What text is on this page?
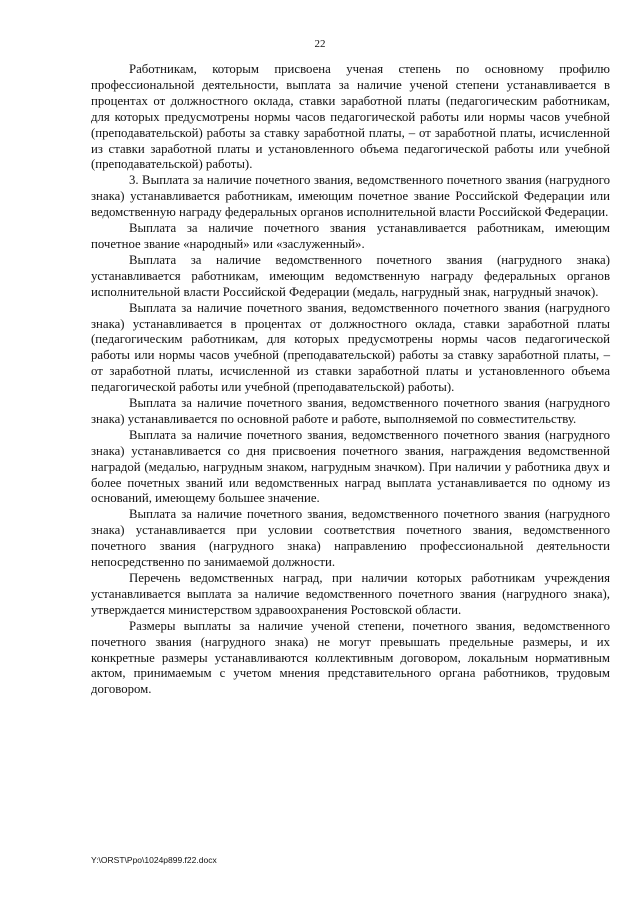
22

Работникам, которым присвоена ученая степень по основному профилю профессиональной деятельности, выплата за наличие ученой степени устанавливается в процентах от должностного оклада, ставки заработной платы (педагогическим работникам, для которых предусмотрены нормы часов педагогической работы или нормы часов учебной (преподавательской) работы за ставку заработной платы, – от заработной платы, исчисленной из ставки заработной платы и установленного объема педагогической работы или учебной (преподавательской) работы).

3. Выплата за наличие почетного звания, ведомственного почетного звания (нагрудного знака) устанавливается работникам, имеющим почетное звание Российской Федерации или ведомственную награду федеральных органов исполнительной власти Российской Федерации.

Выплата за наличие почетного звания устанавливается работникам, имеющим почетное звание «народный» или «заслуженный».

Выплата за наличие ведомственного почетного звания (нагрудного знака) устанавливается работникам, имеющим ведомственную награду федеральных органов исполнительной власти Российской Федерации (медаль, нагрудный знак, нагрудный значок).

Выплата за наличие почетного звания, ведомственного почетного звания (нагрудного знака) устанавливается в процентах от должностного оклада, ставки заработной платы (педагогическим работникам, для которых предусмотрены нормы часов педагогической работы или нормы часов учебной (преподавательской) работы за ставку заработной платы, – от заработной платы, исчисленной из ставки заработной платы и установленного объема педагогической работы или учебной (преподавательской) работы).

Выплата за наличие почетного звания, ведомственного почетного звания (нагрудного знака) устанавливается по основной работе и работе, выполняемой по совместительству.

Выплата за наличие почетного звания, ведомственного почетного звания (нагрудного знака) устанавливается со дня присвоения почетного звания, награждения ведомственной наградой (медалью, нагрудным знаком, нагрудным значком). При наличии у работника двух и более почетных званий или ведомственных наград выплата устанавливается по одному из оснований, имеющему большее значение.

Выплата за наличие почетного звания, ведомственного почетного звания (нагрудного знака) устанавливается при условии соответствия почетного звания, ведомственного почетного звания (нагрудного знака) направлению профессиональной деятельности непосредственно по занимаемой должности.

Перечень ведомственных наград, при наличии которых работникам учреждения устанавливается выплата за наличие ведомственного почетного звания (нагрудного знака), утверждается министерством здравоохранения Ростовской области.

Размеры выплаты за наличие ученой степени, почетного звания, ведомственного почетного звания (нагрудного знака) не могут превышать предельные размеры, и их конкретные размеры устанавливаются коллективным договором, локальным нормативным актом, принимаемым с учетом мнения представительного органа работников, трудовым договором.

Y:\ORST\Ppo\1024p899.f22.docx
